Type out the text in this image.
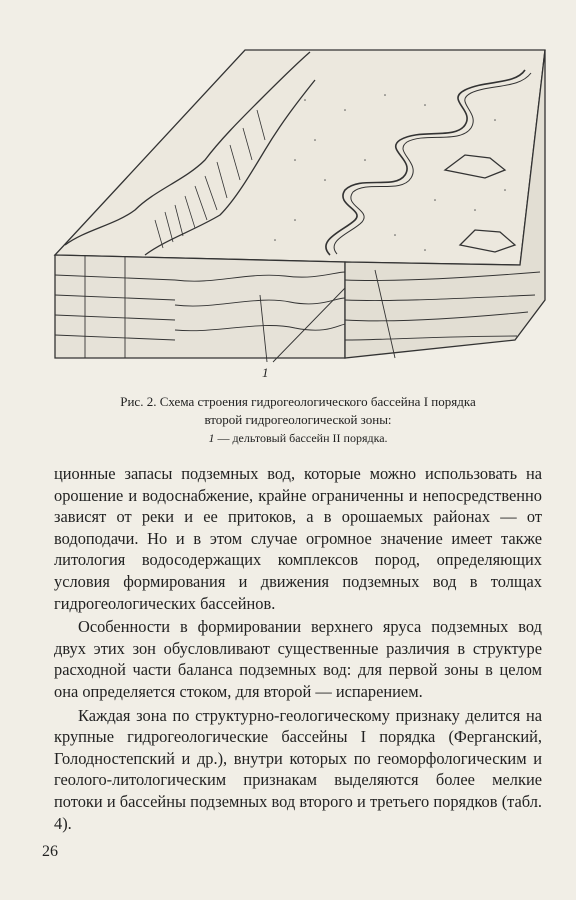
1
Рис. 2. Схема строения гидрогеологического бассейна I порядка
второй гидрогеологической зоны:
1 — дельтовый бассейн II порядка.

ционные запасы подземных вод, которые можно использовать на орошение и водоснабжение, крайне ограниченны и непосредственно зависят от реки и ее притоков, а в орошаемых районах — от водоподачи. Но и в этом случае огромное значение имеет также литология водосодержащих комплексов пород, определяющих условия формирования и движения подземных вод в толщах гидрогеологических бассейнов.

Особенности в формировании верхнего яруса подземных вод двух этих зон обусловливают существенные различия в структуре расходной части баланса подземных вод: для первой зоны в целом она определяется стоком, для второй — испарением.

Каждая зона по структурно-геологическому признаку делится на крупные гидрогеологические бассейны I порядка (Ферганский, Голодностепский и др.), внутри которых по геоморфологическим и геолого-литологическим признакам выделяются более мелкие потоки и бассейны подземных вод второго и третьего порядков (табл. 4).

26
